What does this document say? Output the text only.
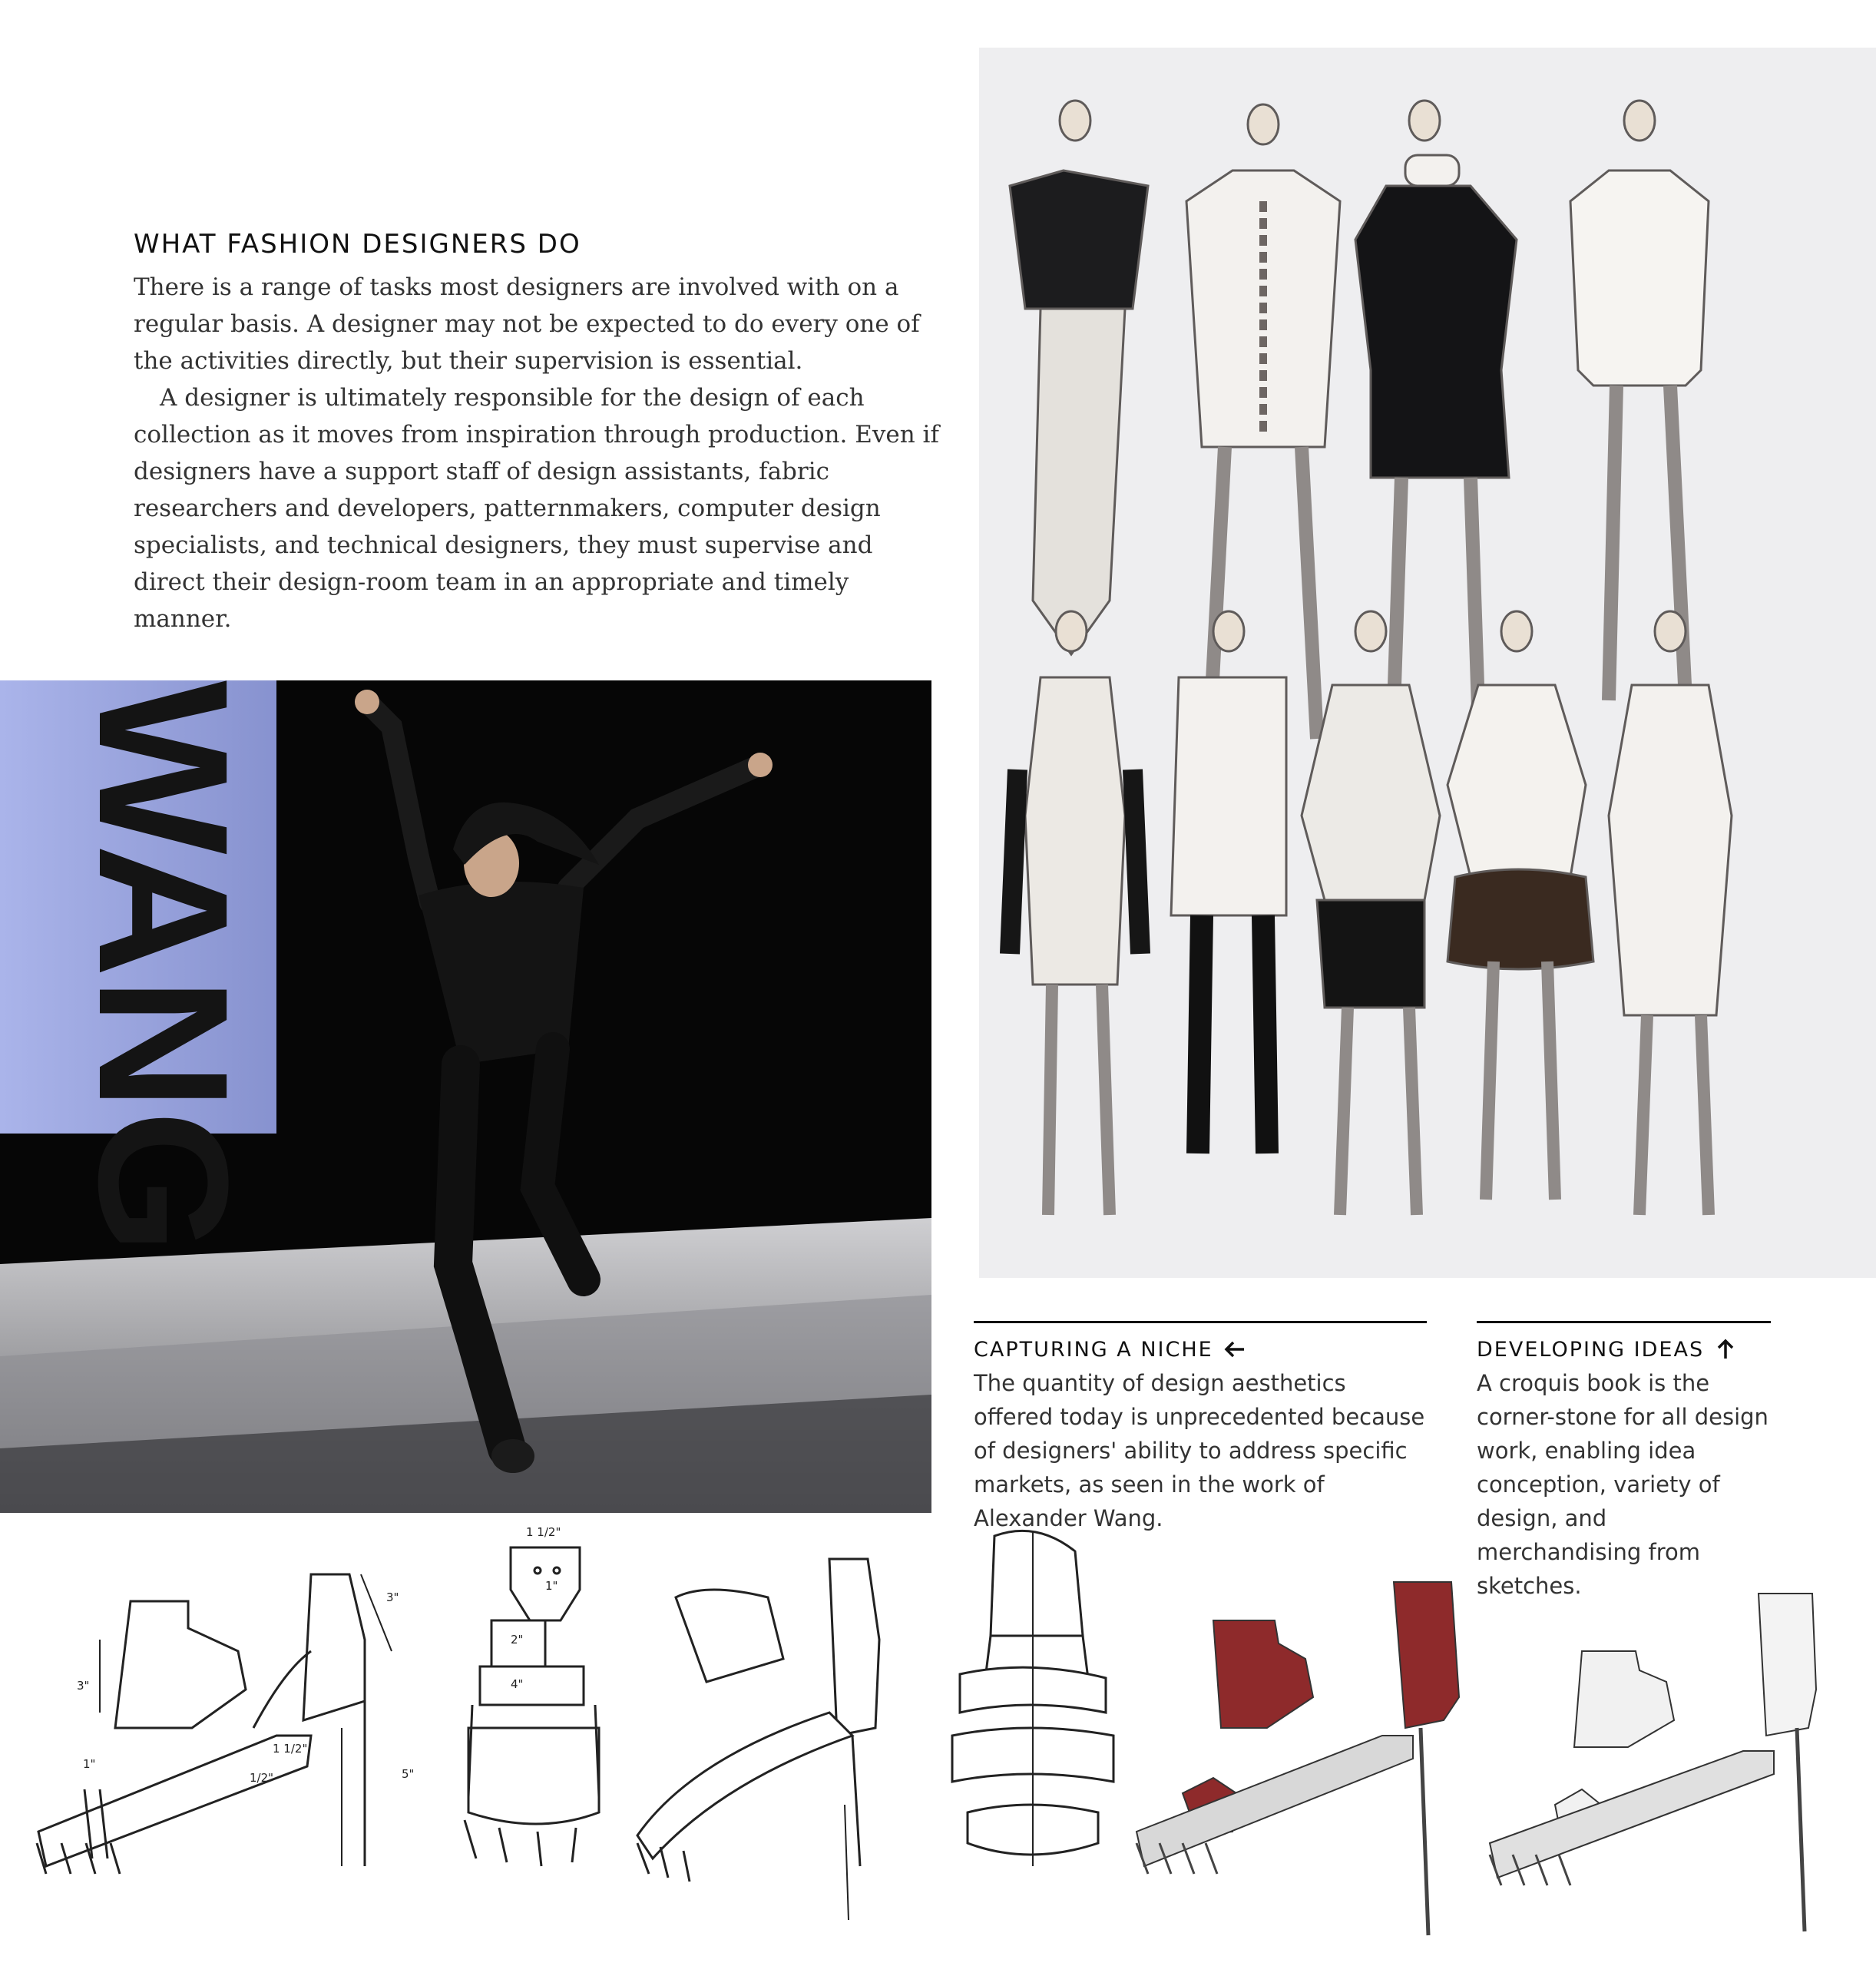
WHAT FASHION DESIGNERS DO

There is a range of tasks most designers are involved with on a regular basis. A designer may not be expected to do every one of the activities directly, but their supervision is essential.

A designer is ultimately responsible for the design of each collection as it moves from inspiration through production. Even if designers have a support staff of design assistants, fabric researchers and developers, patternmakers, computer design specialists, and technical designers, they must supervise and direct their design-room team in an appropriate and timely manner.

WANG
CAPTURING A NICHE
The quantity of design aesthetics offered today is unprecedented because of designers' ability to address specific markets, as seen in the work of Alexander Wang.
DEVELOPING IDEAS
A croquis book is the corner-stone for all design work, enabling idea conception, variety of design, and merchandising from sketches.
3"
3"
5"
1"
1 1/2"
1/2"
1 1/2"
1"
2"
4"
